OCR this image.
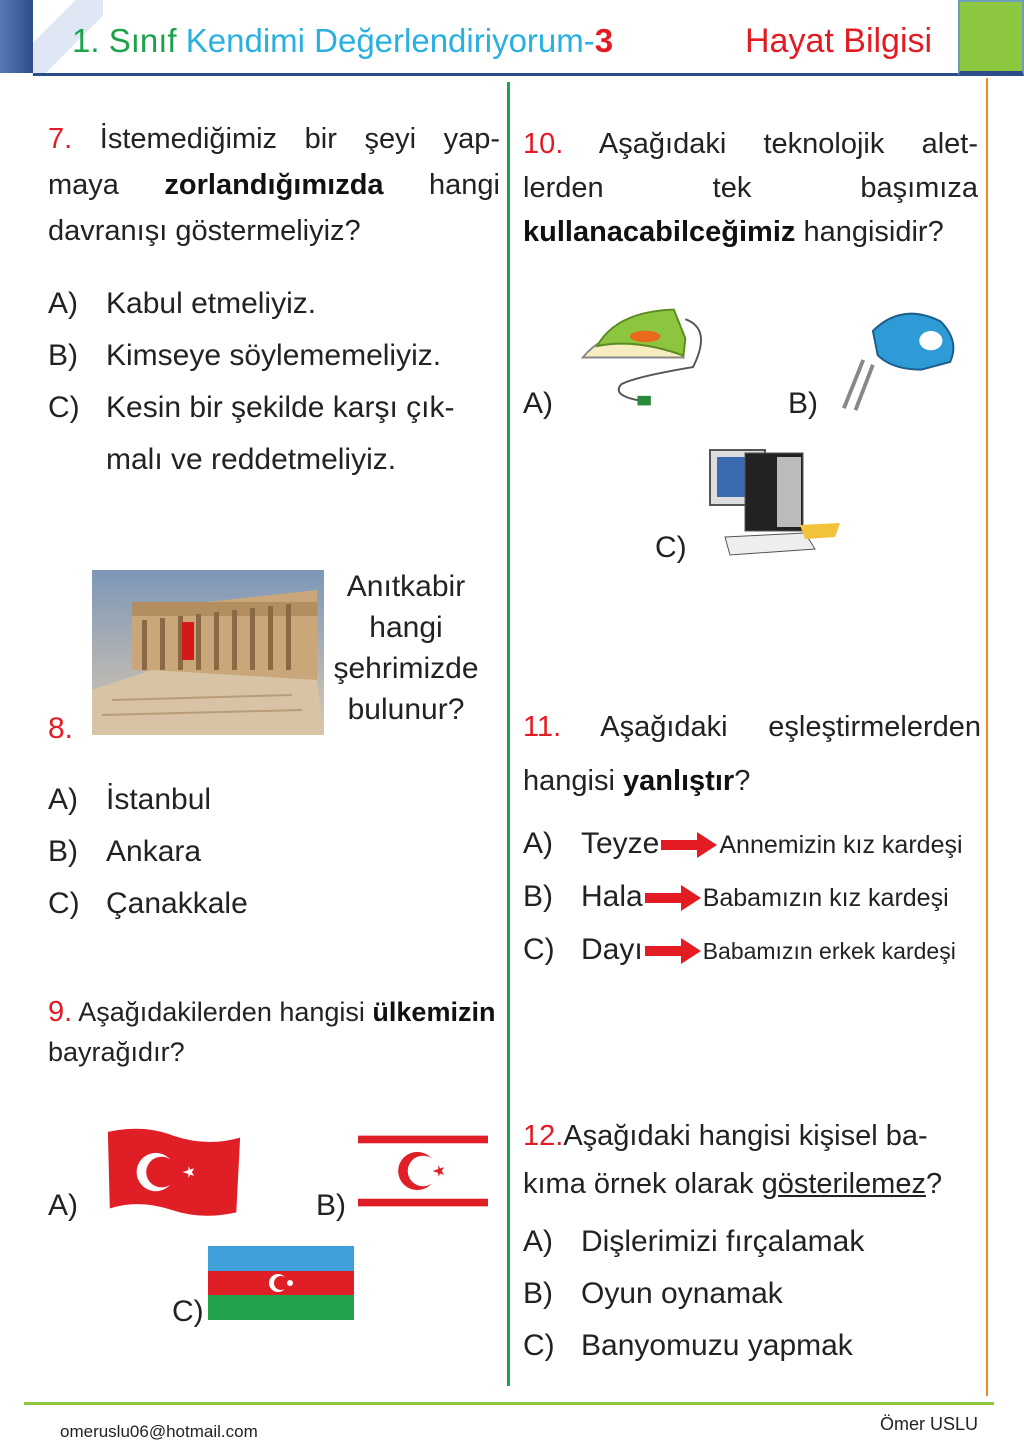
1. Sınıf Kendimi Değerlendiriyorum-3	Hayat Bilgisi
7. İstemediğimiz bir şeyi yap-
maya zorlandığımızda hangi
davranışı göstermeliyiz?
A) Kabul etmeliyiz.
B) Kimseye söylememeliyiz.
C) Kesin bir şekilde karşı çık-
malı ve reddetmeliyiz.
Anıtkabir
hangi
şehrimizde
bulunur?
8.
A) İstanbul
B) Ankara
C) Çanakkale
9. Aşağıdakilerden hangisi ülkemizin
bayrağıdır?
A)	B)
C)
10. Aşağıdaki teknolojik alet-
lerden tek başımıza
kullanacabilceğimiz hangisidir?
A)	B)
C)
11. Aşağıdaki eşleştirmelerden
hangisi yanlıştır?
A) Teyze Annemizin kız kardeşi
B) Hala Babamızın kız kardeşi
C) Dayı	Babamızın erkek kardeşi
12.Aşağıdaki hangisi kişisel ba-
kıma örnek olarak gösterilemez?
A) Dişlerimizi fırçalamak
B) Oyun oynamak
C) Banyomuzu yapmak
omeruslu06@hotmail.com	Ömer USLU
